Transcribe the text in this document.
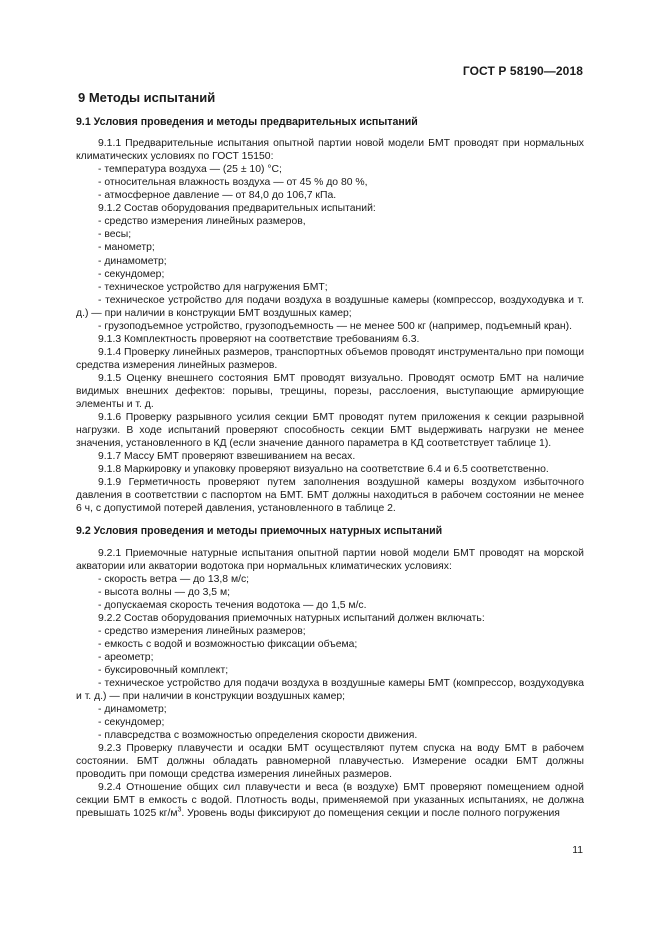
ГОСТ Р 58190—2018
9 Методы испытаний
9.1 Условия проведения и методы предварительных испытаний

9.1.1 Предварительные испытания опытной партии новой модели БМТ проводят при нормальных климатических условиях по ГОСТ 15150:

- температура воздуха — (25 ± 10) °С;

- относительная влажность воздуха — от 45 % до 80 %,

- атмосферное давление — от 84,0 до 106,7 кПа.

9.1.2 Состав оборудования предварительных испытаний:

- средство измерения линейных размеров,

- весы;

- манометр;

- динамометр;

- секундомер;

- техническое устройство для нагружения БМТ;

- техническое устройство для подачи воздуха в воздушные камеры (компрессор, воздуходувка и т. д.) — при наличии в конструкции БМТ воздушных камер;

- грузоподъемное устройство, грузоподъемность — не менее 500 кг (например, подъемный кран).

9.1.3 Комплектность проверяют на соответствие требованиям 6.3.

9.1.4 Проверку линейных размеров, транспортных объемов проводят инструментально при помощи средства измерения линейных размеров.

9.1.5 Оценку внешнего состояния БМТ проводят визуально. Проводят осмотр БМТ на наличие видимых внешних дефектов: порывы, трещины, порезы, расслоения, выступающие армирующие элементы и т. д.

9.1.6 Проверку разрывного усилия секции БМТ проводят путем приложения к секции разрывной нагрузки. В ходе испытаний проверяют способность секции БМТ выдерживать нагрузки не менее значения, установленного в КД (если значение данного параметра в КД соответствует таблице 1).

9.1.7 Массу БМТ проверяют взвешиванием на весах.

9.1.8 Маркировку и упаковку проверяют визуально на соответствие 6.4 и 6.5 соответственно.

9.1.9 Герметичность проверяют путем заполнения воздушной камеры воздухом избыточного давления в соответствии с паспортом на БМТ. БМТ должны находиться в рабочем состоянии не менее 6 ч, с допустимой потерей давления, установленного в таблице 2.

9.2 Условия проведения и методы приемочных натурных испытаний

9.2.1 Приемочные натурные испытания опытной партии новой модели БМТ проводят на морской акватории или акватории водотока при нормальных климатических условиях:

- скорость ветра — до 13,8 м/с;

- высота волны — до 3,5 м;

- допускаемая скорость течения водотока — до 1,5 м/с.

9.2.2 Состав оборудования приемочных натурных испытаний должен включать:

- средство измерения линейных размеров;

- емкость с водой и возможностью фиксации объема;

- ареометр;

- буксировочный комплект;

- техническое устройство для подачи воздуха в воздушные камеры БМТ (компрессор, воздуходувка и т. д.) — при наличии в конструкции воздушных камер;

- динамометр;

- секундомер;

- плавсредства с возможностью определения скорости движения.

9.2.3 Проверку плавучести и осадки БМТ осуществляют путем спуска на воду БМТ в рабочем состоянии. БМТ должны обладать равномерной плавучестью. Измерение осадки БМТ должны проводить при помощи средства измерения линейных размеров.

9.2.4 Отношение общих сил плавучести и веса (в воздухе) БМТ проверяют помещением одной секции БМТ в емкость с водой. Плотность воды, применяемой при указанных испытаниях, не должна превышать 1025 $кг/м^3$. Уровень воды фиксируют до помещения секции и после полного погружения

11
